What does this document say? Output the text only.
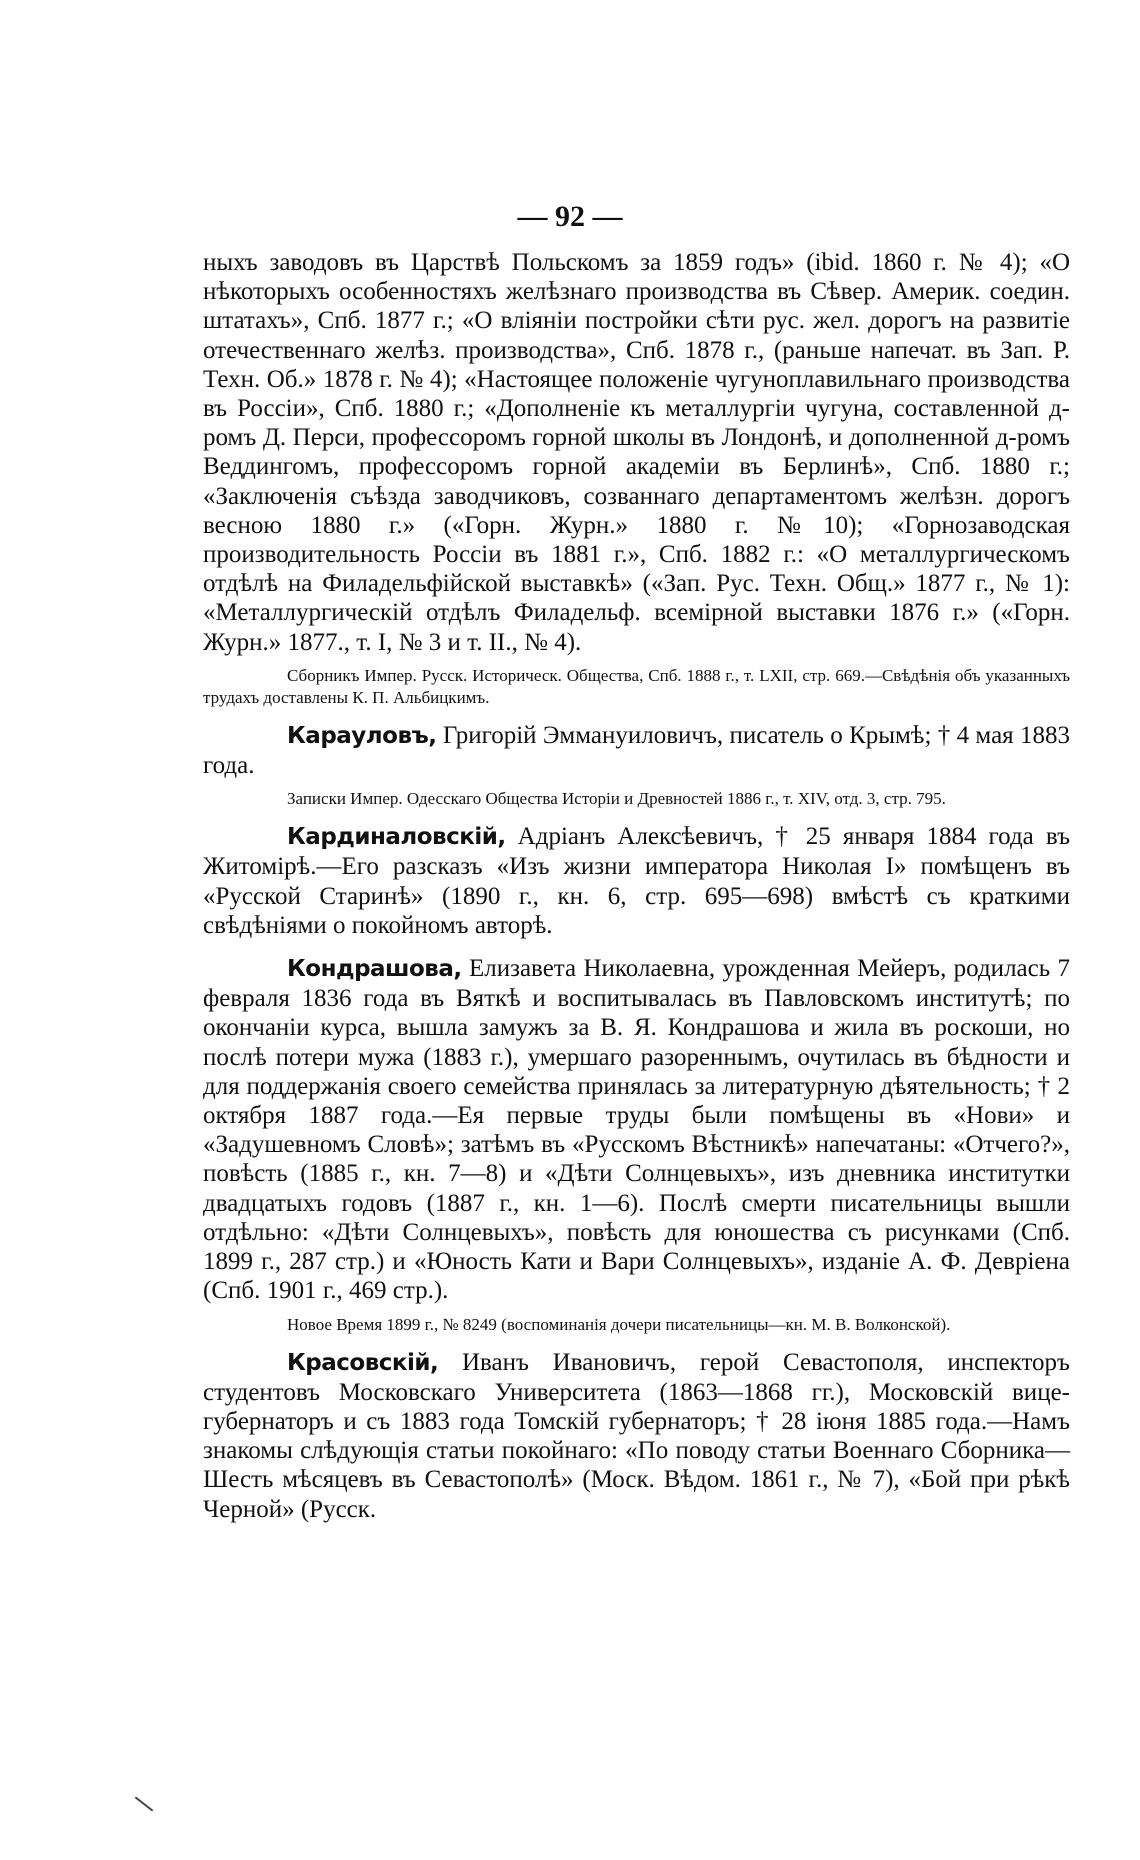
— 92 —

ныхъ заводовъ въ Царствѣ Польскомъ за 1859 годъ» (ibid. 1860 г. № 4); «О нѣкоторыхъ особенностяхъ желѣзнаго производства въ Сѣвер. Америк. соедин. штатахъ», Спб. 1877 г.; «О вліяніи постройки сѣти рус. жел. дорогъ на развитіе отечественнаго желѣз. производства», Спб. 1878 г., (раньше напечат. въ Зап. Р. Техн. Об.» 1878 г. № 4); «Настоящее положеніе чугуноплавильнаго производства въ Россіи», Спб. 1880 г.; «Дополненіе къ металлургіи чугуна, составленной д-ромъ Д. Перси, профессоромъ горной школы въ Лондонѣ, и дополненной д-ромъ Веддингомъ, профессоромъ горной академіи въ Берлинѣ», Спб. 1880 г.; «Заключенія съѣзда заводчиковъ, созваннаго департаментомъ желѣзн. дорогъ весною 1880 г.» («Горн. Журн.» 1880 г. №10); «Горнозаводская производительность Россіи въ 1881 г.», Спб. 1882 г.: «О металлургическомъ отдѣлѣ на Филадельфійской выставкѣ» («Зап. Рус. Техн. Общ.» 1877 г., № 1): «Металлургическій отдѣлъ Филадельф. всемірной выставки 1876 г.» («Горн. Журн.» 1877., т. I, № 3 и т. II., № 4).

Сборникъ Импер. Русск. Историческ. Общества, Спб. 1888 г., т. LXII, стр. 669.—Свѣдѣнія объ указанныхъ трудахъ доставлены К. П. Альбицкимъ.

Карауловъ, Григорій Эммануиловичъ, писатель о Крымѣ; † 4 мая 1883 года.

Записки Импер. Одесскаго Общества Исторіи и Древностей 1886 г., т. XIV, отд. 3, стр. 795.

Кардиналовскій, Адріанъ Алексѣевичъ, † 25 января 1884 года въ Житомірѣ.—Его разсказъ «Изъ жизни императора Николая I» помѣщенъ въ «Русской Старинѣ» (1890 г., кн. 6, стр. 695—698) вмѣстѣ съ краткими свѣдѣніями о покойномъ авторѣ.

Кондрашова, Елизавета Николаевна, урожденная Мейеръ, родилась 7 февраля 1836 года въ Вяткѣ и воспитывалась въ Павловскомъ институтѣ; по окончаніи курса, вышла замужъ за В. Я. Кондрашова и жила въ роскоши, но послѣ потери мужа (1883 г.), умершаго разореннымъ, очутилась въ бѣдности и для поддержанія своего семейства принялась за литературную дѣятельность; † 2 октября 1887 года.—Ея первые труды были помѣщены въ «Нови» и «Задушевномъ Словѣ»; затѣмъ въ «Русскомъ Вѣстникѣ» напечатаны: «Отчего?», повѣсть (1885 г., кн. 7—8) и «Дѣти Солнцевыхъ», изъ дневника институтки двадцатыхъ годовъ (1887 г., кн. 1—6). Послѣ смерти писательницы вышли отдѣльно: «Дѣти Солнцевыхъ», повѣсть для юношества съ рисунками (Спб. 1899 г., 287 стр.) и «Юность Кати и Вари Солнцевыхъ», изданіе А. Ф. Девріена (Спб. 1901 г., 469 стр.).

Новое Время 1899 г., № 8249 (воспоминанія дочери писательницы—кн. М. В. Волконской).

Красовскій, Иванъ Ивановичъ, герой Севастополя, инспекторъ студентовъ Московскаго Университета (1863—1868 гг.), Московскій вице-губернаторъ и съ 1883 года Томскій губернаторъ; † 28 іюня 1885 года.—Намъ знакомы слѣдующія статьи покойнаго: «По поводу статьи Военнаго Сборника—Шесть мѣсяцевъ въ Севастополѣ» (Моск. Вѣдом. 1861 г., № 7), «Бой при рѣкѣ Черной» (Русск.
